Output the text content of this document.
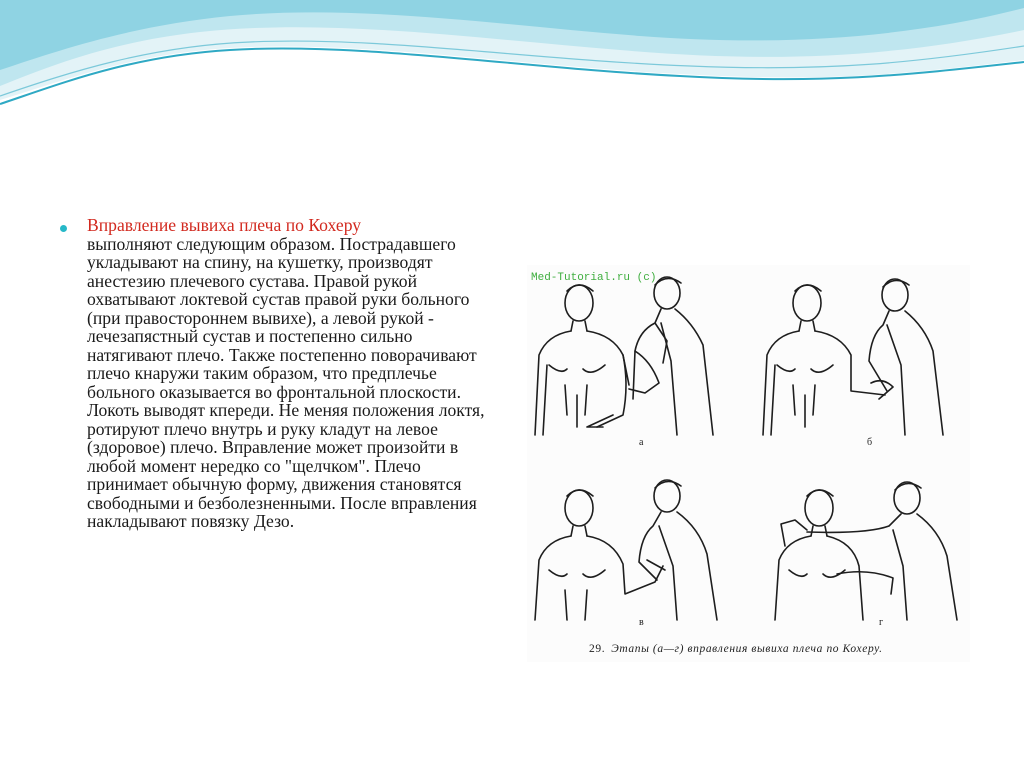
Вправление вывиха плеча по Кохеру
выполняют следующим образом. Пострадавшего укладывают на спину, на кушетку, производят анестезию плечевого сустава. Правой рукой охватывают локтевой сустав правой руки больного (при правостороннем вывихе), а левой рукой - лечезапястный сустав и постепенно сильно натягивают плечо. Также постепенно поворачивают плечо кнаружи таким образом, что предплечье больного оказывается во фронтальной плоскости. Локоть выводят кпереди. Не меняя положения локтя, ротируют плечо внутрь и руку кладут на левое (здоровое) плечо. Вправление может произойти в любой момент нередко со "щелчком". Плечо принимает обычную форму, движения становятся свободными и безболезненными. После вправления накладывают повязку Дезо.
а	б
в	г
Med-Tutorial.ru (c)
29. Этапы (а—г) вправления вывиха плеча по Кохеру.
